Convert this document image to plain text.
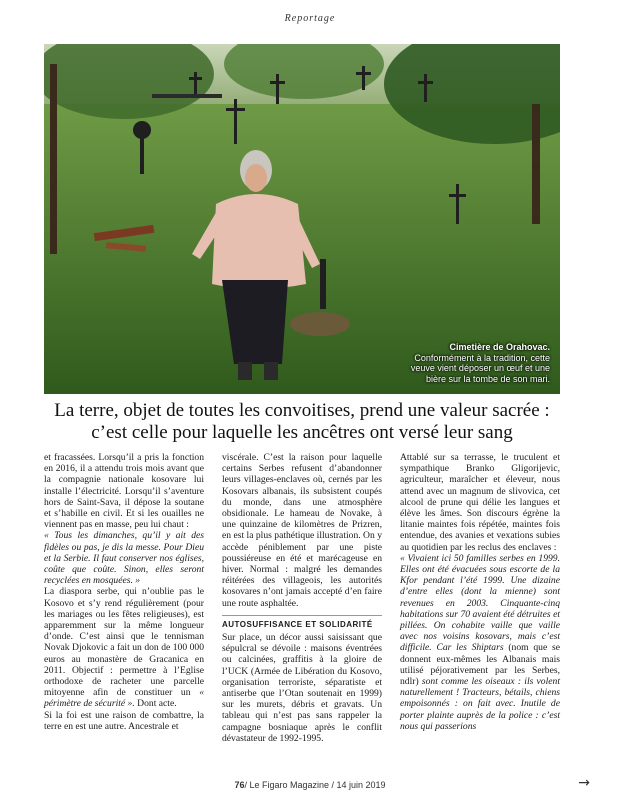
Reportage
Cimetière de Orahovac. Conformément à la tradition, cette veuve vient déposer un œuf et une bière sur la tombe de son mari.
La terre, objet de toutes les convoitises, prend une valeur sacrée :
c’est celle pour laquelle les ancêtres ont versé leur sang

et fracassées. Lorsqu’il a pris la fonction en 2016, il a attendu trois mois avant que la compagnie nationale kosovare lui installe l’électricité. Lorsqu’il s’aventure hors de Saint-Sava, il dépose la soutane et s’habille en civil. Et si les ouailles ne viennent pas en masse, peu lui chaut :

« Tous les dimanches, qu’il y ait des fidèles ou pas, je dis la messe. Pour Dieu et la Serbie. Il faut conserver nos églises, coûte que coûte. Sinon, elles seront recyclées en mosquées. »

La diaspora serbe, qui n’oublie pas le Kosovo et s’y rend régulièrement (pour les mariages ou les fêtes religieuses), est apparemment sur la même longueur d’onde. C’est ainsi que le tennisman Novak Djokovic a fait un don de 100 000 euros au monastère de Gracanica en 2011. Objectif : permettre à l’Eglise orthodoxe de racheter une parcelle mitoyenne afin de constituer un « périmètre de sécurité ». Dont acte.

Si la foi est une raison de combattre, la terre en est une autre. Ancestrale et

viscérale. C’est la raison pour laquelle certains Serbes refusent d’abandonner leurs villages-enclaves où, cernés par les Kosovars albanais, ils subsistent coupés du monde, dans une atmosphère obsidionale. Le hameau de Novake, à une quinzaine de kilomètres de Prizren, en est la plus pathétique illustration. On y accède péniblement par une piste poussiéreuse en été et marécageuse en hiver. Normal : malgré les demandes réitérées des villageois, les autorités kosovares n’ont jamais accepté d’en faire une route asphaltée.

AUTOSUFFISANCE ET SOLIDARITÉ

Sur place, un décor aussi saisissant que sépulcral se dévoile : maisons éventrées ou calcinées, graffitis à la gloire de l’UCK (Armée de Libération du Kosovo, organisation terroriste, séparatiste et antiserbe que l’Otan soutenait en 1999) sur les murets, débris et gravats. Un tableau qui n’est pas sans rappeler la campagne bosniaque après le conflit dévastateur de 1992-1995.

Attablé sur sa terrasse, le truculent et sympathique Branko Gligorijevic, agriculteur, maraîcher et éleveur, nous attend avec un magnum de slivovica, cet alcool de prune qui délie les langues et élève les âmes. Son discours égrène la litanie maintes fois répétée, maintes fois entendue, des avanies et vexations subies au quotidien par les reclus des enclaves :

« Vivaient ici 50 familles serbes en 1999. Elles ont été évacuées sous escorte de la Kfor pendant l’été 1999. Une dizaine d’entre elles (dont la mienne) sont revenues en 2003. Cinquante-cinq habitations sur 70 avaient été détruites et pillées. On cohabite vaille que vaille avec nos voisins kosovars, mais c’est difficile. Car les Shiptars (nom que se donnent eux-mêmes les Albanais mais utilisé péjorativement par les Serbes, ndlr) sont comme les oiseaux : ils volent naturellement ! Tracteurs, bétails, chiens empoisonnés : on fait avec. Inutile de porter plainte auprès de la police : c’est nous qui passerions

76/ Le Figaro Magazine / 14 juin 2019	→
